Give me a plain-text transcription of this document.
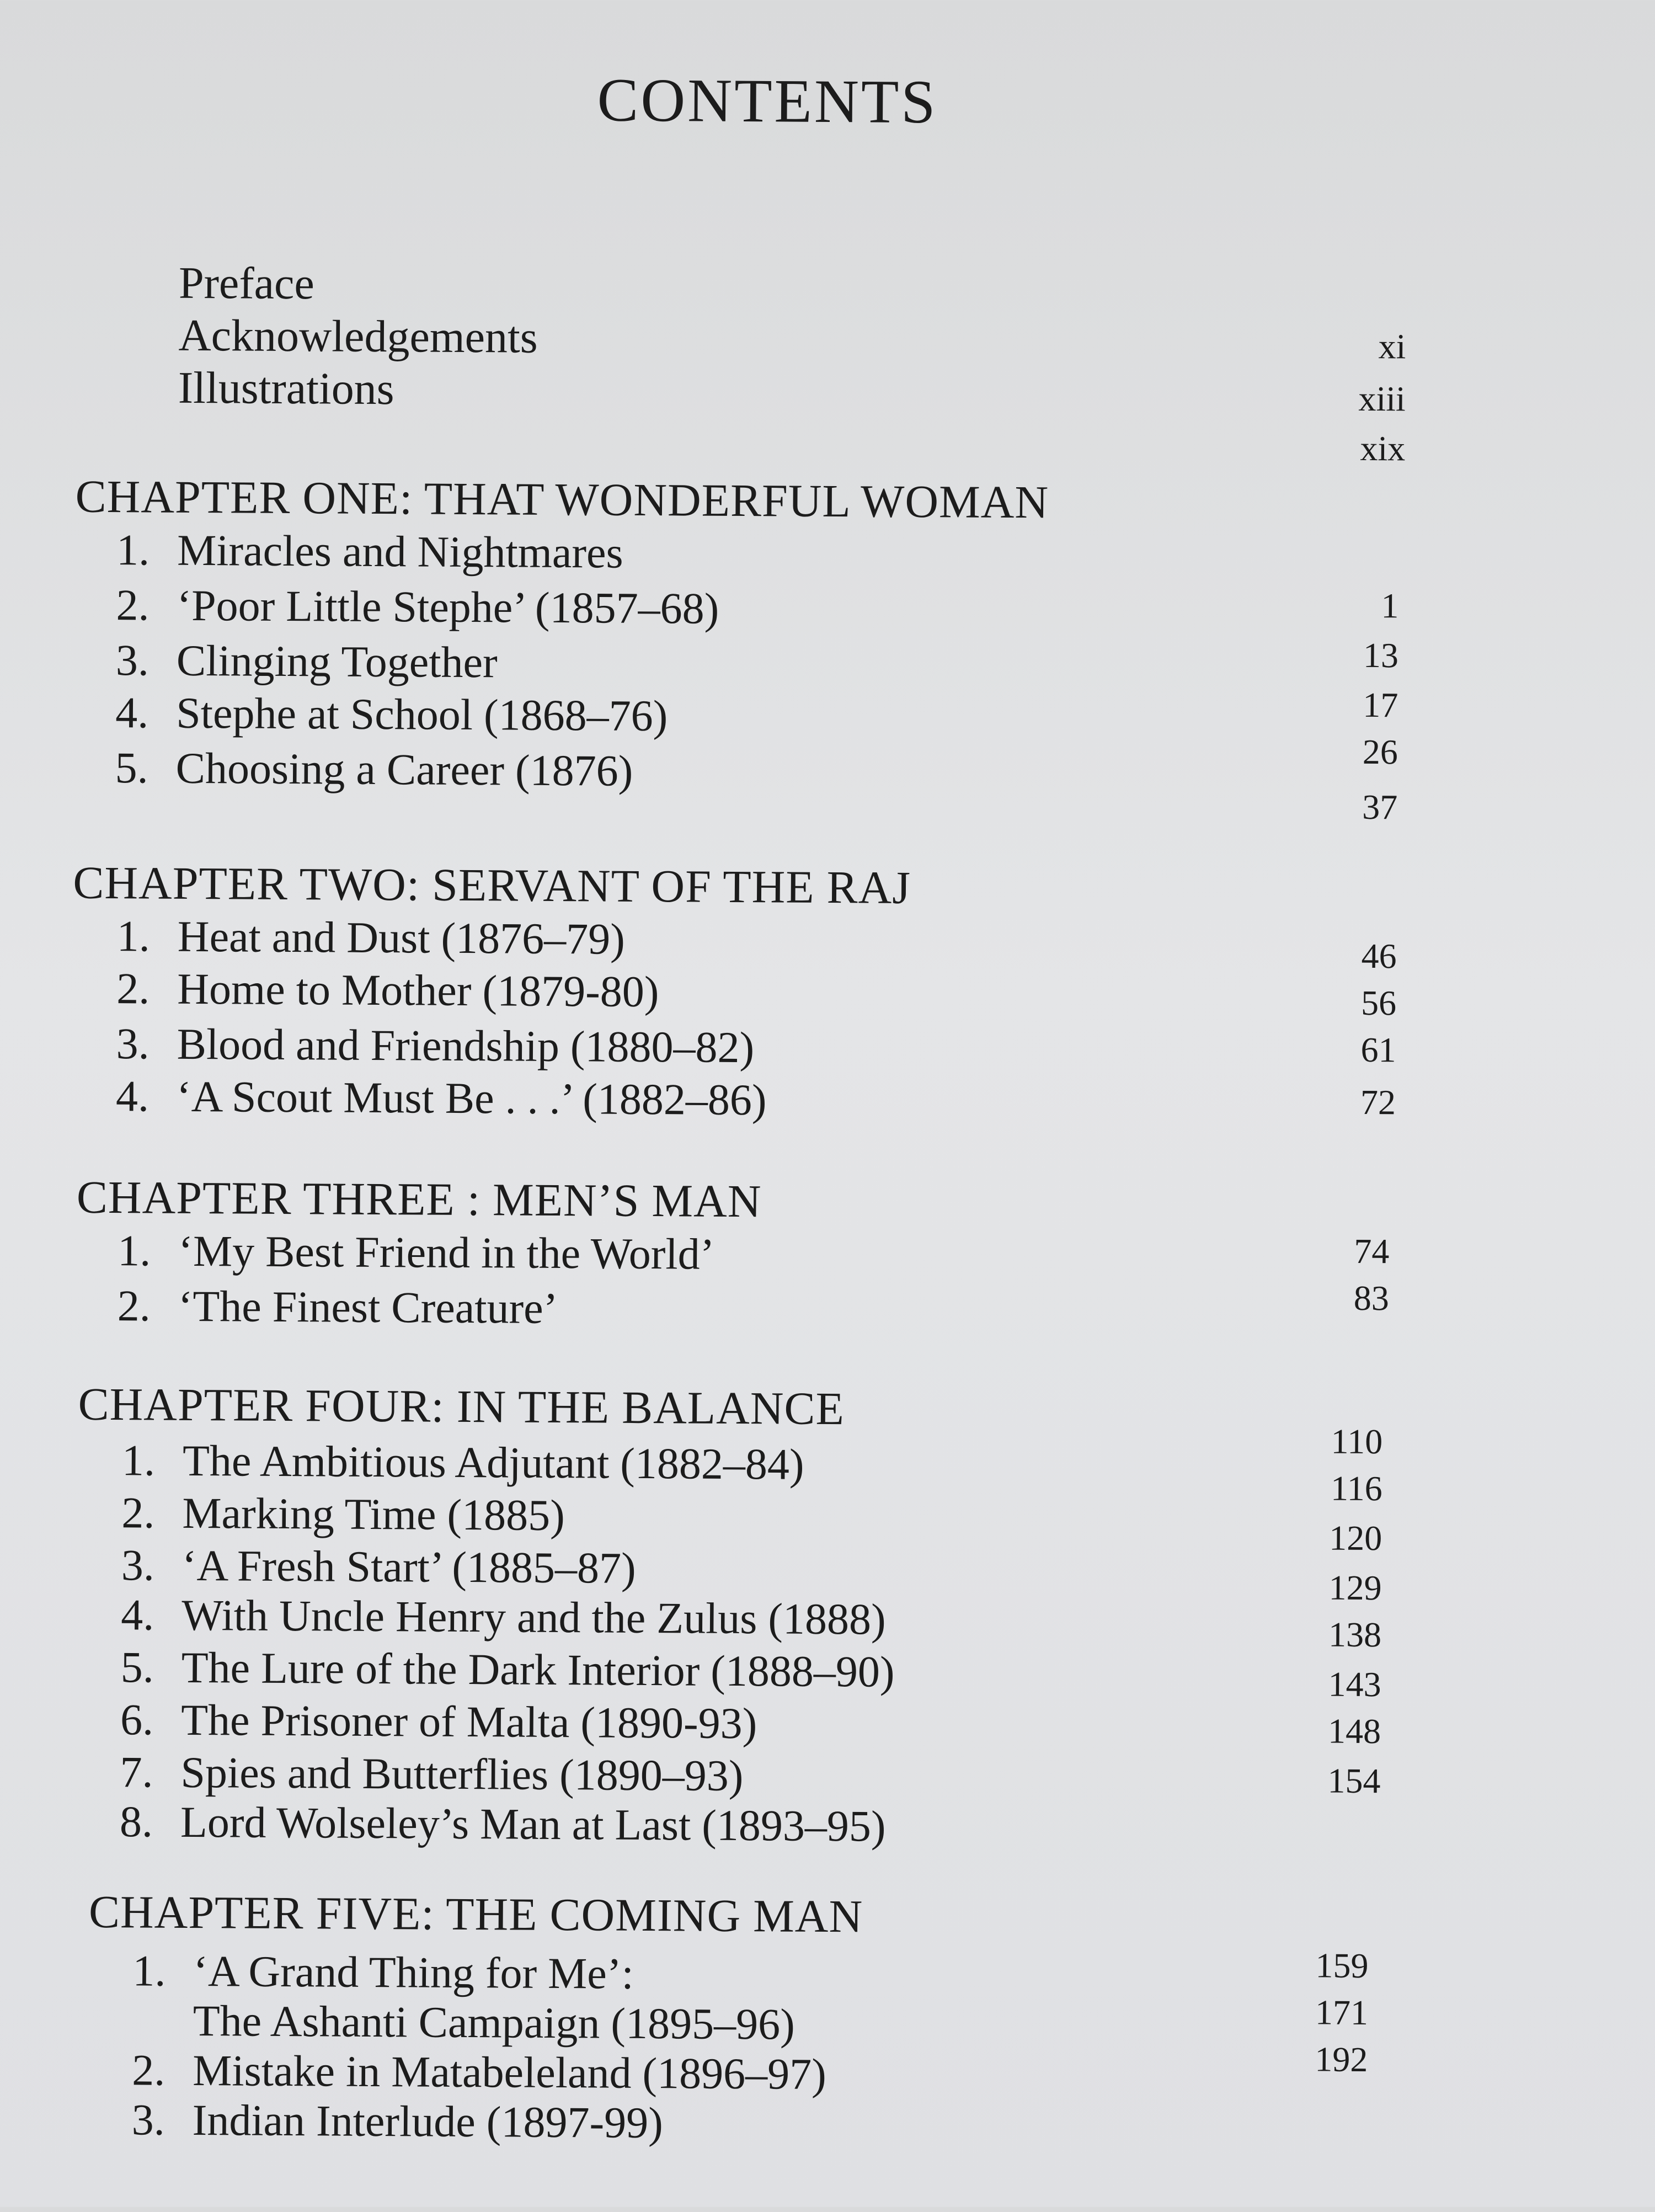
CONTENTS
Preface
Acknowledgements
Illustrations
xi
xiii
xix
CHAPTER ONE: THAT WONDERFUL WOMAN
1. Miracles and Nightmares
2. ‘Poor Little Stephe’ (1857–68)
3. Clinging Together
4. Stephe at School (1868–76)
5. Choosing a Career (1876)
1
13
17
26
37
CHAPTER TWO: SERVANT OF THE RAJ
1. Heat and Dust (1876–79)
2. Home to Mother (1879-80)
3. Blood and Friendship (1880–82)
4. ‘A Scout Must Be . . .’ (1882–86)
46
56
61
72
CHAPTER THREE : MEN’S MAN
1. ‘My Best Friend in the World’
2. ‘The Finest Creature’
74
83
CHAPTER FOUR: IN THE BALANCE
1. The Ambitious Adjutant (1882–84)
2. Marking Time (1885)
3. ‘A Fresh Start’ (1885–87)
4. With Uncle Henry and the Zulus (1888)
5. The Lure of the Dark Interior (1888–90)
6. The Prisoner of Malta (1890-93)
7. Spies and Butterflies (1890–93)
8. Lord Wolseley’s Man at Last (1893–95)
110
116
120
129
138
143
148
154
CHAPTER FIVE: THE COMING MAN
1. ‘A Grand Thing for Me’:
The Ashanti Campaign (1895–96)
2. Mistake in Matabeleland (1896–97)
3. Indian Interlude (1897-99)
159
171
192
